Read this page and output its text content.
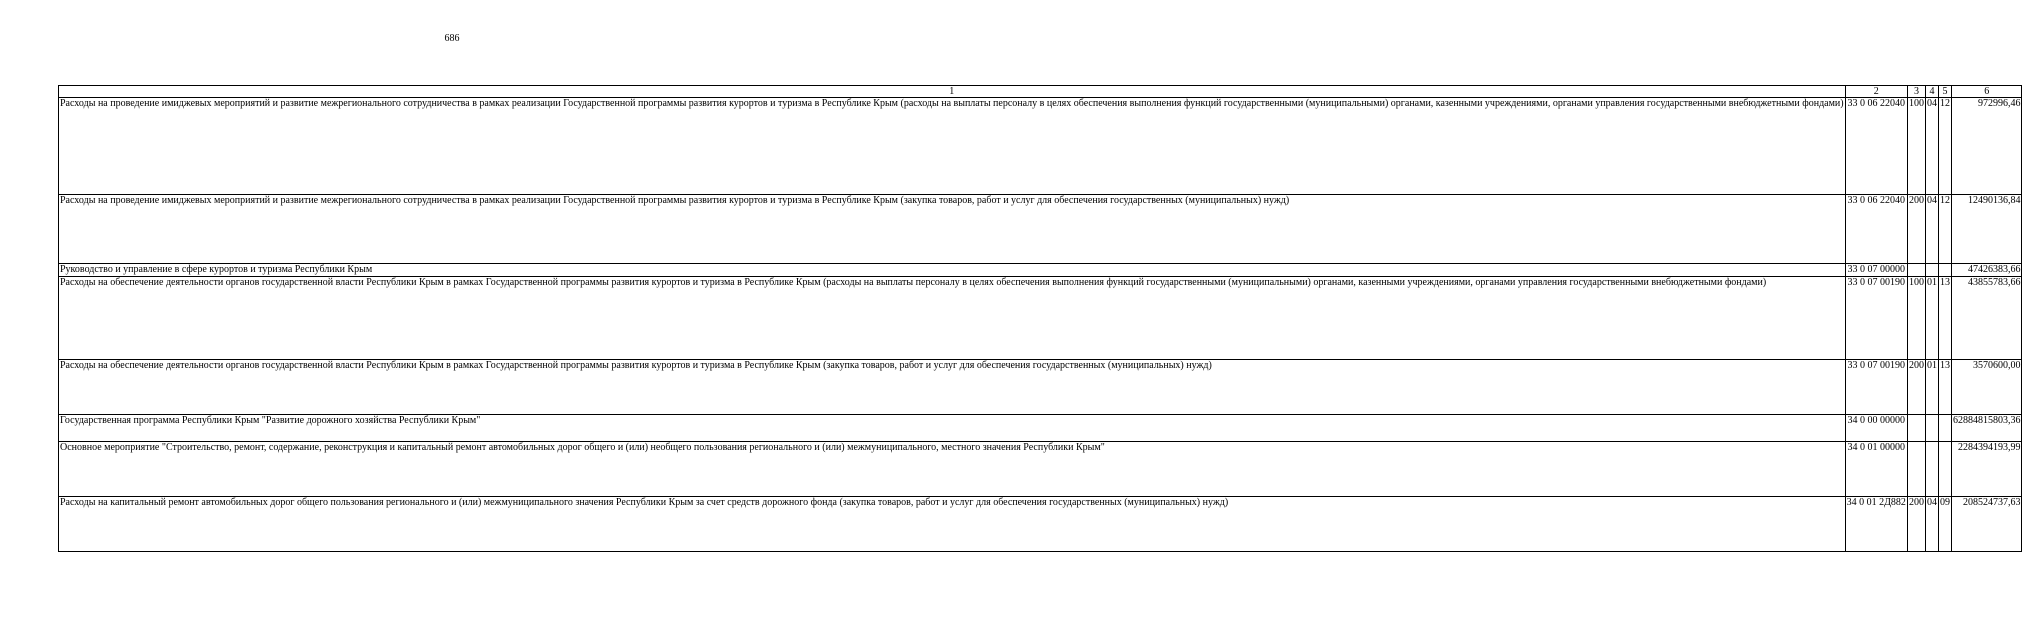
686
1	2	3	4	5	6
Расходы на проведение имиджевых мероприятий и развитие межрегионального сотрудничества в рамках реализации Государственной программы развития курортов и туризма в Республике Крым (расходы на выплаты персоналу в целях обеспечения выполнения функций государственными (муниципальными) органами, казенными учреждениями, органами управления государственными внебюджетными фондами)	33 0 06 22040	100	04	12	972996,46
Расходы на проведение имиджевых мероприятий и развитие межрегионального сотрудничества в рамках реализации Государственной программы развития курортов и туризма в Республике Крым (закупка товаров, работ и услуг для обеспечения государственных (муниципальных) нужд)	33 0 06 22040	200	04	12	12490136,84
Руководство и управление в сфере курортов и туризма Республики Крым	33 0 07 00000				47426383,66
Расходы на обеспечение деятельности органов государственной власти Республики Крым в рамках Государственной программы развития курортов и туризма в Республике Крым (расходы на выплаты персоналу в целях обеспечения выполнения функций государственными (муниципальными) органами, казенными учреждениями, органами управления государственными внебюджетными фондами)	33 0 07 00190	100	01	13	43855783,66
Расходы на обеспечение деятельности органов государственной власти Республики Крым в рамках Государственной программы развития курортов и туризма в Республике Крым (закупка товаров, работ и услуг для обеспечения государственных (муниципальных) нужд)	33 0 07 00190	200	01	13	3570600,00
Государственная программа Республики Крым "Развитие дорожного хозяйства Республики Крым"	34 0 00 00000				62884815803,36
Основное мероприятие "Строительство, ремонт, содержание, реконструкция и капитальный ремонт автомобильных дорог общего и (или) необщего пользования регионального и (или) межмуниципального, местного значения Республики Крым"	34 0 01 00000				2284394193,99
Расходы на капитальный ремонт автомобильных дорог общего пользования регионального и (или) межмуниципального значения Республики Крым за счет средств дорожного фонда (закупка товаров, работ и услуг для обеспечения государственных (муниципальных) нужд)	34 0 01 2Д882	200	04	09	208524737,63
